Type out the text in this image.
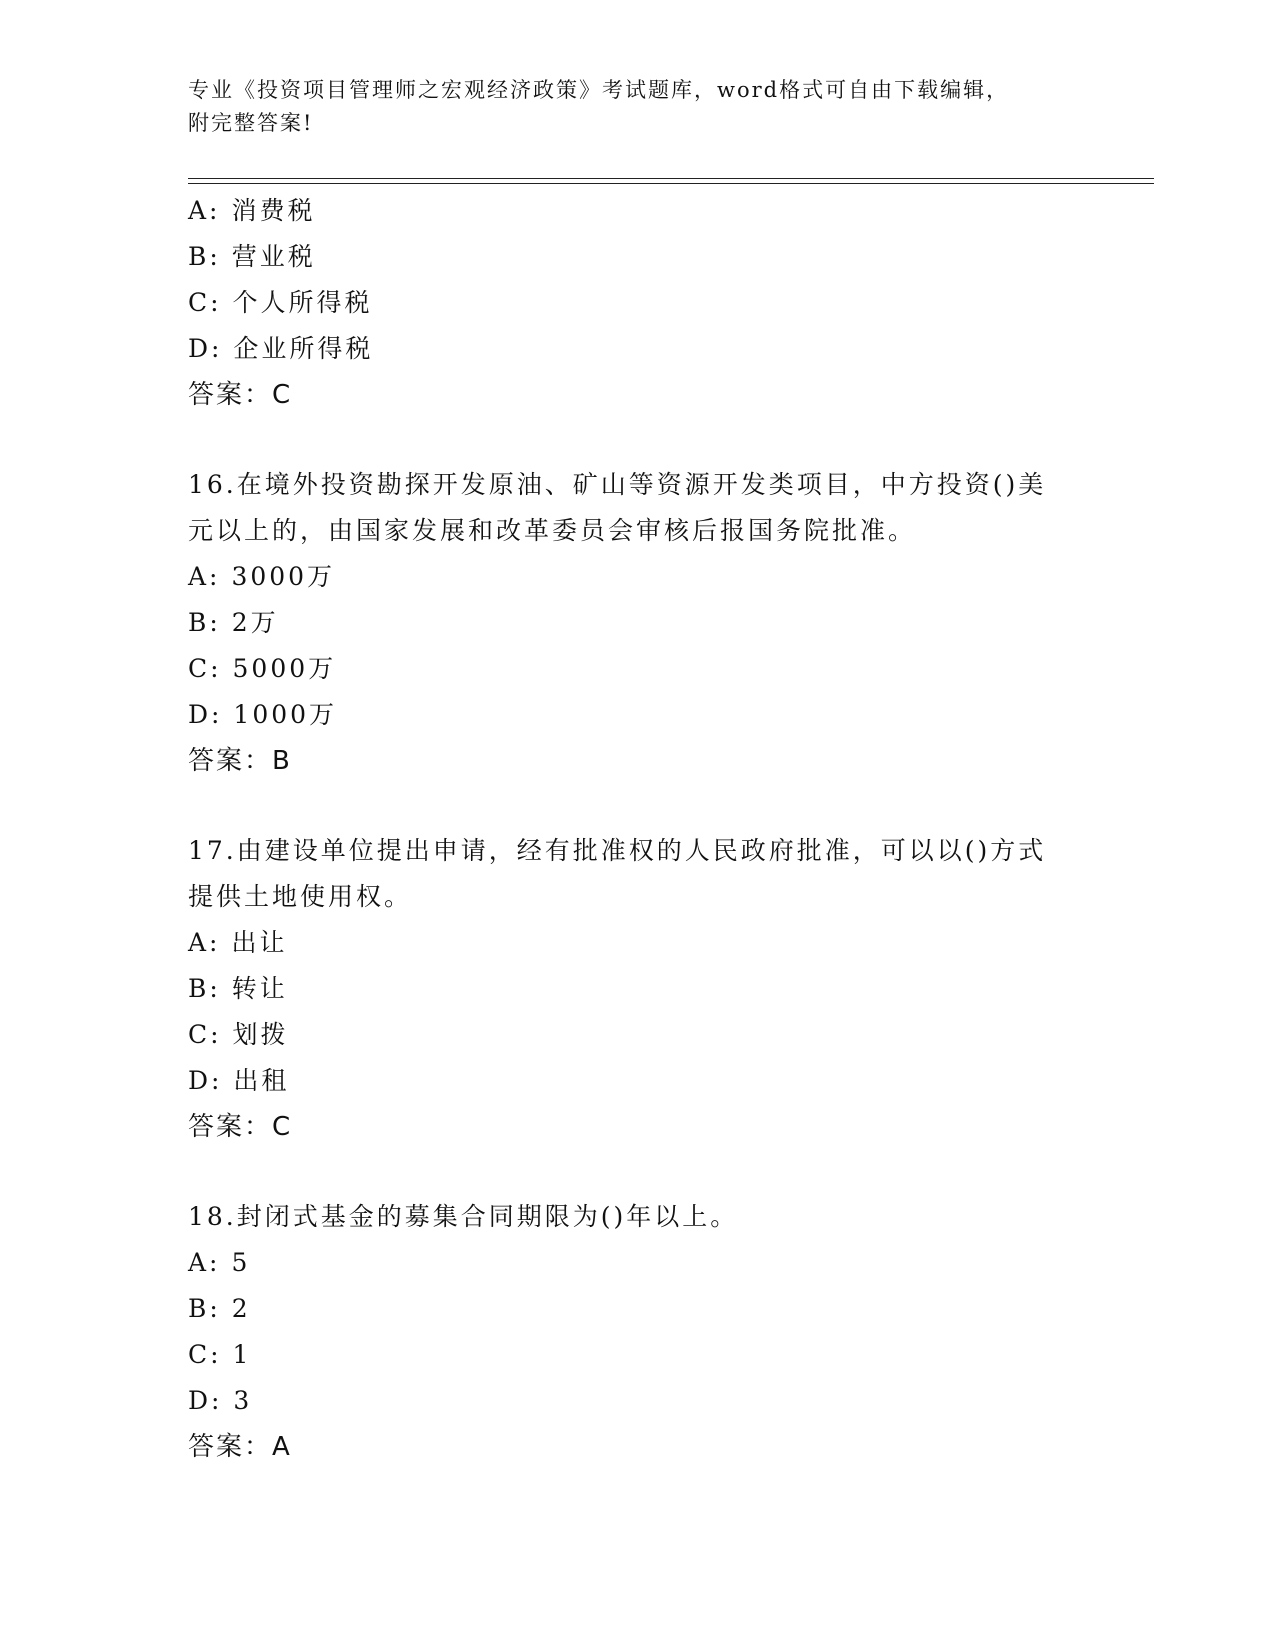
专业《投资项目管理师之宏观经济政策》考试题库，word格式可自由下载编辑，
附完整答案!

A: 消费税

B: 营业税

C: 个人所得税

D: 企业所得税

答案：C

16.在境外投资勘探开发原油、矿山等资源开发类项目，中方投资()美
元以上的，由国家发展和改革委员会审核后报国务院批准。

A: 3000万

B: 2万

C: 5000万

D: 1000万

答案：B

17.由建设单位提出申请，经有批准权的人民政府批准，可以以()方式
提供土地使用权。

A: 出让

B: 转让

C: 划拨

D: 出租

答案：C

18.封闭式基金的募集合同期限为()年以上。

A: 5

B: 2

C: 1

D: 3

答案：A
